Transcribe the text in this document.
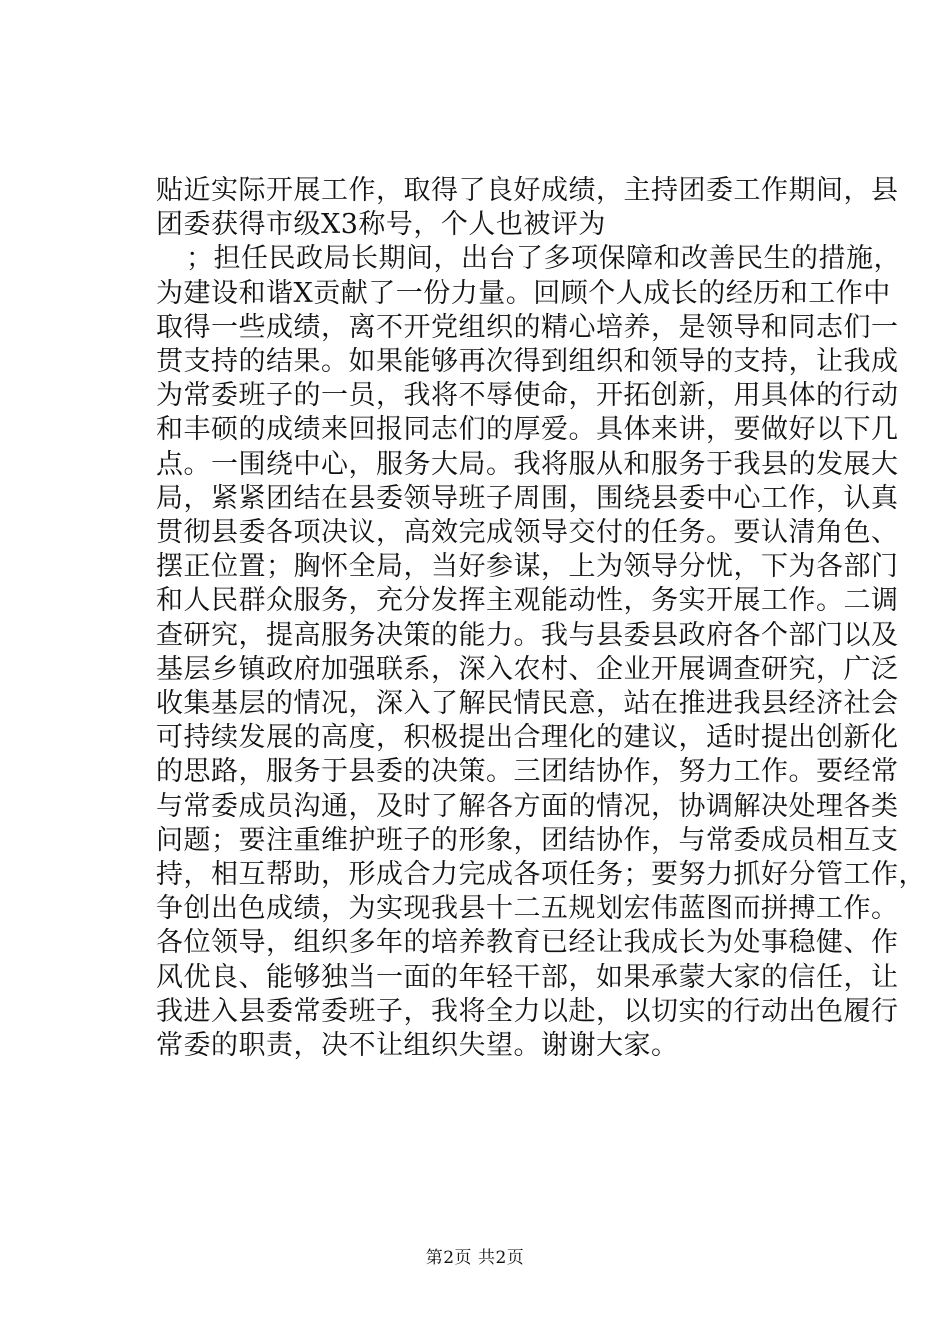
贴近实际开展工作，取得了良好成绩，主持团委工作期间，县
团委获得市级X3称号，个人也被评为
；担任民政局长期间，出台了多项保障和改善民生的措施，
为建设和谐X贡献了一份力量。回顾个人成长的经历和工作中
取得一些成绩，离不开党组织的精心培养，是领导和同志们一
贯支持的结果。如果能够再次得到组织和领导的支持，让我成
为常委班子的一员，我将不辱使命，开拓创新，用具体的行动
和丰硕的成绩来回报同志们的厚爱。具体来讲，要做好以下几
点。一围绕中心，服务大局。我将服从和服务于我县的发展大
局，紧紧团结在县委领导班子周围，围绕县委中心工作，认真
贯彻县委各项决议，高效完成领导交付的任务。要认清角色、
摆正位置；胸怀全局，当好参谋，上为领导分忧，下为各部门
和人民群众服务，充分发挥主观能动性，务实开展工作。二调
查研究，提高服务决策的能力。我与县委县政府各个部门以及
基层乡镇政府加强联系，深入农村、企业开展调查研究，广泛
收集基层的情况，深入了解民情民意，站在推进我县经济社会
可持续发展的高度，积极提出合理化的建议，适时提出创新化
的思路，服务于县委的决策。三团结协作，努力工作。要经常
与常委成员沟通，及时了解各方面的情况，协调解决处理各类
问题；要注重维护班子的形象，团结协作，与常委成员相互支
持，相互帮助，形成合力完成各项任务；要努力抓好分管工作，
争创出色成绩，为实现我县十二五规划宏伟蓝图而拼搏工作。
各位领导，组织多年的培养教育已经让我成长为处事稳健、作
风优良、能够独当一面的年轻干部，如果承蒙大家的信任，让
我进入县委常委班子，我将全力以赴，以切实的行动出色履行
常委的职责，决不让组织失望。谢谢大家。
第2页 共2页
